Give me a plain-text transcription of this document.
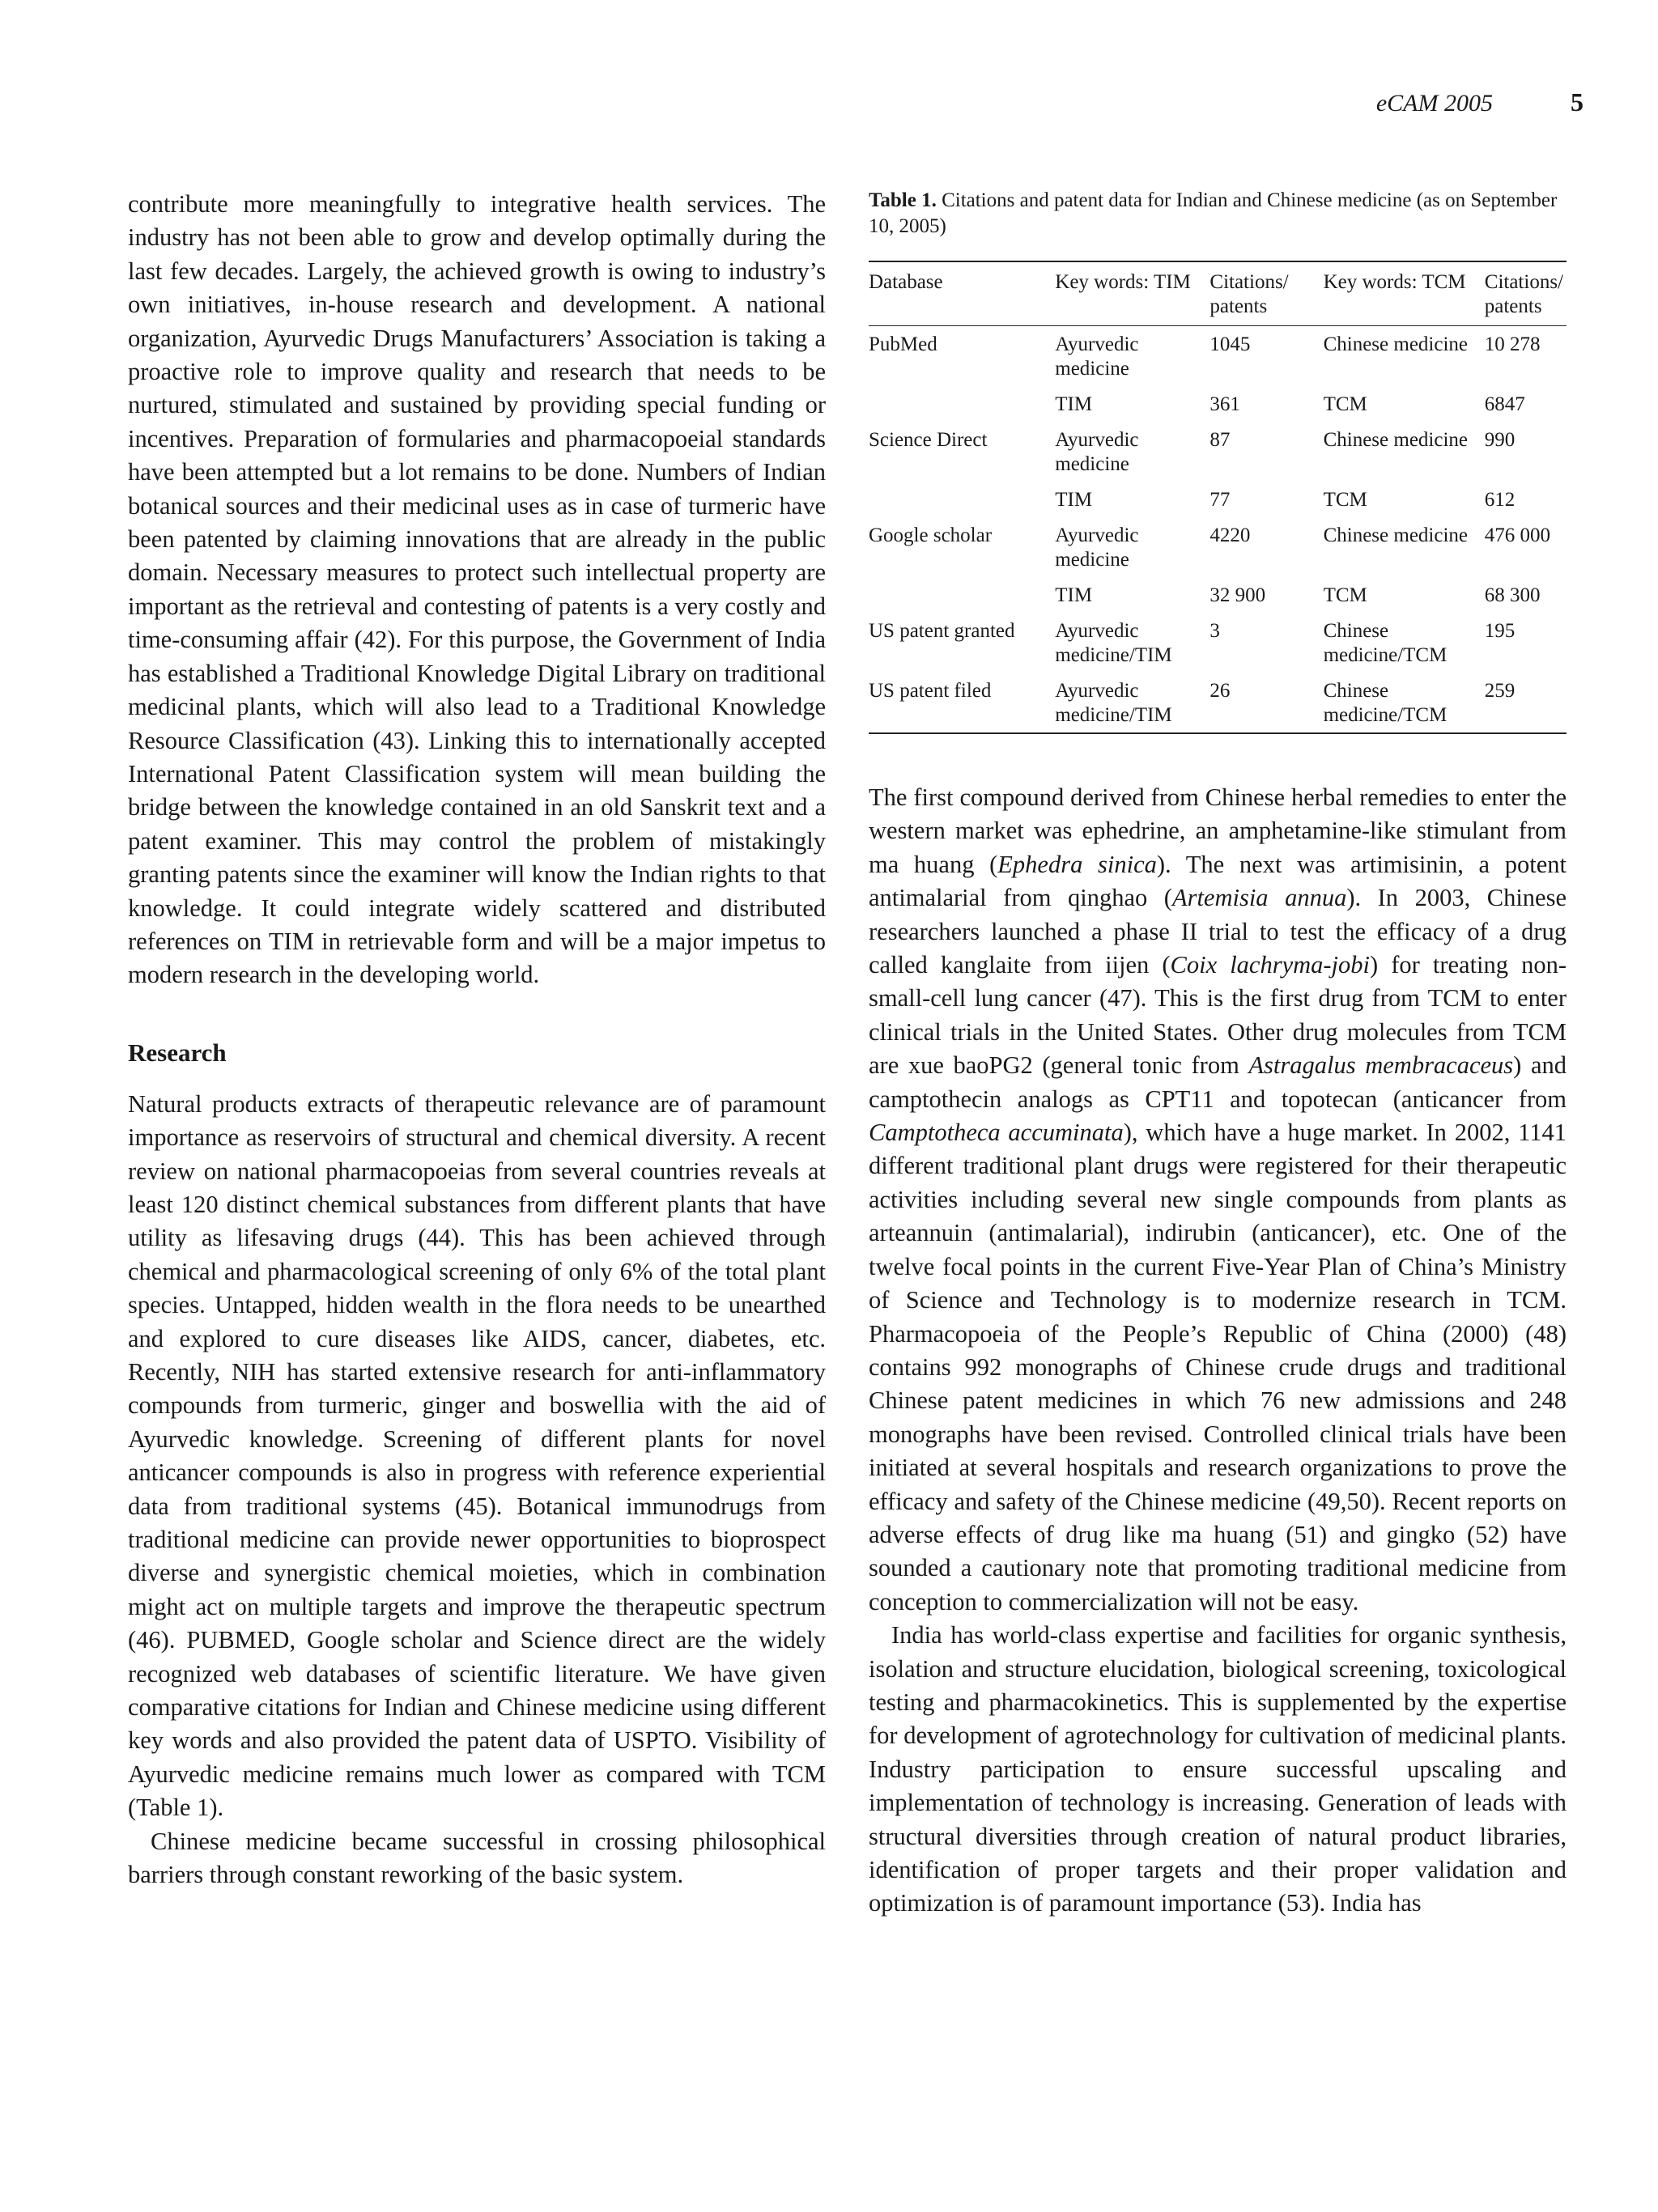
eCAM 2005	5

contribute more meaningfully to integrative health services. The industry has not been able to grow and develop optimally during the last few decades. Largely, the achieved growth is owing to industry’s own initiatives, in-house research and development. A national organization, Ayurvedic Drugs Manufacturers’ Association is taking a proactive role to improve quality and research that needs to be nurtured, stimulated and sustained by providing special funding or incentives. Preparation of formularies and pharmacopoeial standards have been attempted but a lot remains to be done. Numbers of Indian botanical sources and their medicinal uses as in case of turmeric have been patented by claiming innovations that are already in the public domain. Necessary measures to protect such intellectual property are important as the retrieval and contesting of patents is a very costly and time-consuming affair (42). For this purpose, the Government of India has established a Traditional Knowledge Digital Library on traditional medicinal plants, which will also lead to a Traditional Knowledge Resource Classification (43). Linking this to internationally accepted International Patent Classification system will mean building the bridge between the knowledge contained in an old Sanskrit text and a patent examiner. This may control the problem of mistakingly granting patents since the examiner will know the Indian rights to that knowledge. It could integrate widely scattered and distributed references on TIM in retrievable form and will be a major impetus to modern research in the developing world.

Research

Natural products extracts of therapeutic relevance are of paramount importance as reservoirs of structural and chemical diversity. A recent review on national pharmacopoeias from several countries reveals at least 120 distinct chemical substances from different plants that have utility as lifesaving drugs (44). This has been achieved through chemical and pharmacological screening of only 6% of the total plant species. Untapped, hidden wealth in the flora needs to be unearthed and explored to cure diseases like AIDS, cancer, diabetes, etc. Recently, NIH has started extensive research for anti-inflammatory compounds from turmeric, ginger and boswellia with the aid of Ayurvedic knowledge. Screening of different plants for novel anticancer compounds is also in progress with reference experiential data from traditional systems (45). Botanical immunodrugs from traditional medicine can provide newer opportunities to bioprospect diverse and synergistic chemical moieties, which in combination might act on multiple targets and improve the therapeutic spectrum (46). PUBMED, Google scholar and Science direct are the widely recognized web databases of scientific literature. We have given comparative citations for Indian and Chinese medicine using different key words and also provided the patent data of USPTO. Visibility of Ayurvedic medicine remains much lower as compared with TCM (Table 1).

Chinese medicine became successful in crossing philosophical barriers through constant reworking of the basic system.

Table 1. Citations and patent data for Indian and Chinese medicine (as on September 10, 2005)

Database	Key words: TIM	Citations/ patents	Key words: TCM	Citations/ patents
PubMed	Ayurvedic medicine	1045	Chinese medicine	10 278
	TIM	361	TCM	6847
Science Direct	Ayurvedic medicine	87	Chinese medicine	990
	TIM	77	TCM	612
Google scholar	Ayurvedic medicine	4220	Chinese medicine	476 000
	TIM	32 900	TCM	68 300
US patent granted	Ayurvedic medicine/TIM	3	Chinese medicine/TCM	195
US patent filed	Ayurvedic medicine/TIM	26	Chinese medicine/TCM	259

The first compound derived from Chinese herbal remedies to enter the western market was ephedrine, an amphetamine-like stimulant from ma huang (Ephedra sinica). The next was artimisinin, a potent antimalarial from qinghao (Artemisia annua). In 2003, Chinese researchers launched a phase II trial to test the efficacy of a drug called kanglaite from iijen (Coix lachryma-jobi) for treating non-small-cell lung cancer (47). This is the first drug from TCM to enter clinical trials in the United States. Other drug molecules from TCM are xue baoPG2 (general tonic from Astragalus membracaceus) and camptothecin analogs as CPT11 and topotecan (anticancer from Camptotheca accuminata), which have a huge market. In 2002, 1141 different traditional plant drugs were registered for their therapeutic activities including several new single compounds from plants as arteannuin (antimalarial), indirubin (anticancer), etc. One of the twelve focal points in the current Five-Year Plan of China’s Ministry of Science and Technology is to modernize research in TCM. Pharmacopoeia of the People’s Republic of China (2000) (48) contains 992 monographs of Chinese crude drugs and traditional Chinese patent medicines in which 76 new admissions and 248 monographs have been revised. Controlled clinical trials have been initiated at several hospitals and research organizations to prove the efficacy and safety of the Chinese medicine (49,50). Recent reports on adverse effects of drug like ma huang (51) and gingko (52) have sounded a cautionary note that promoting traditional medicine from conception to commercialization will not be easy.

India has world-class expertise and facilities for organic synthesis, isolation and structure elucidation, biological screening, toxicological testing and pharmacokinetics. This is supplemented by the expertise for development of agrotechnology for cultivation of medicinal plants. Industry participation to ensure successful upscaling and implementation of technology is increasing. Generation of leads with structural diversities through creation of natural product libraries, identification of proper targets and their proper validation and optimization is of paramount importance (53). India has
